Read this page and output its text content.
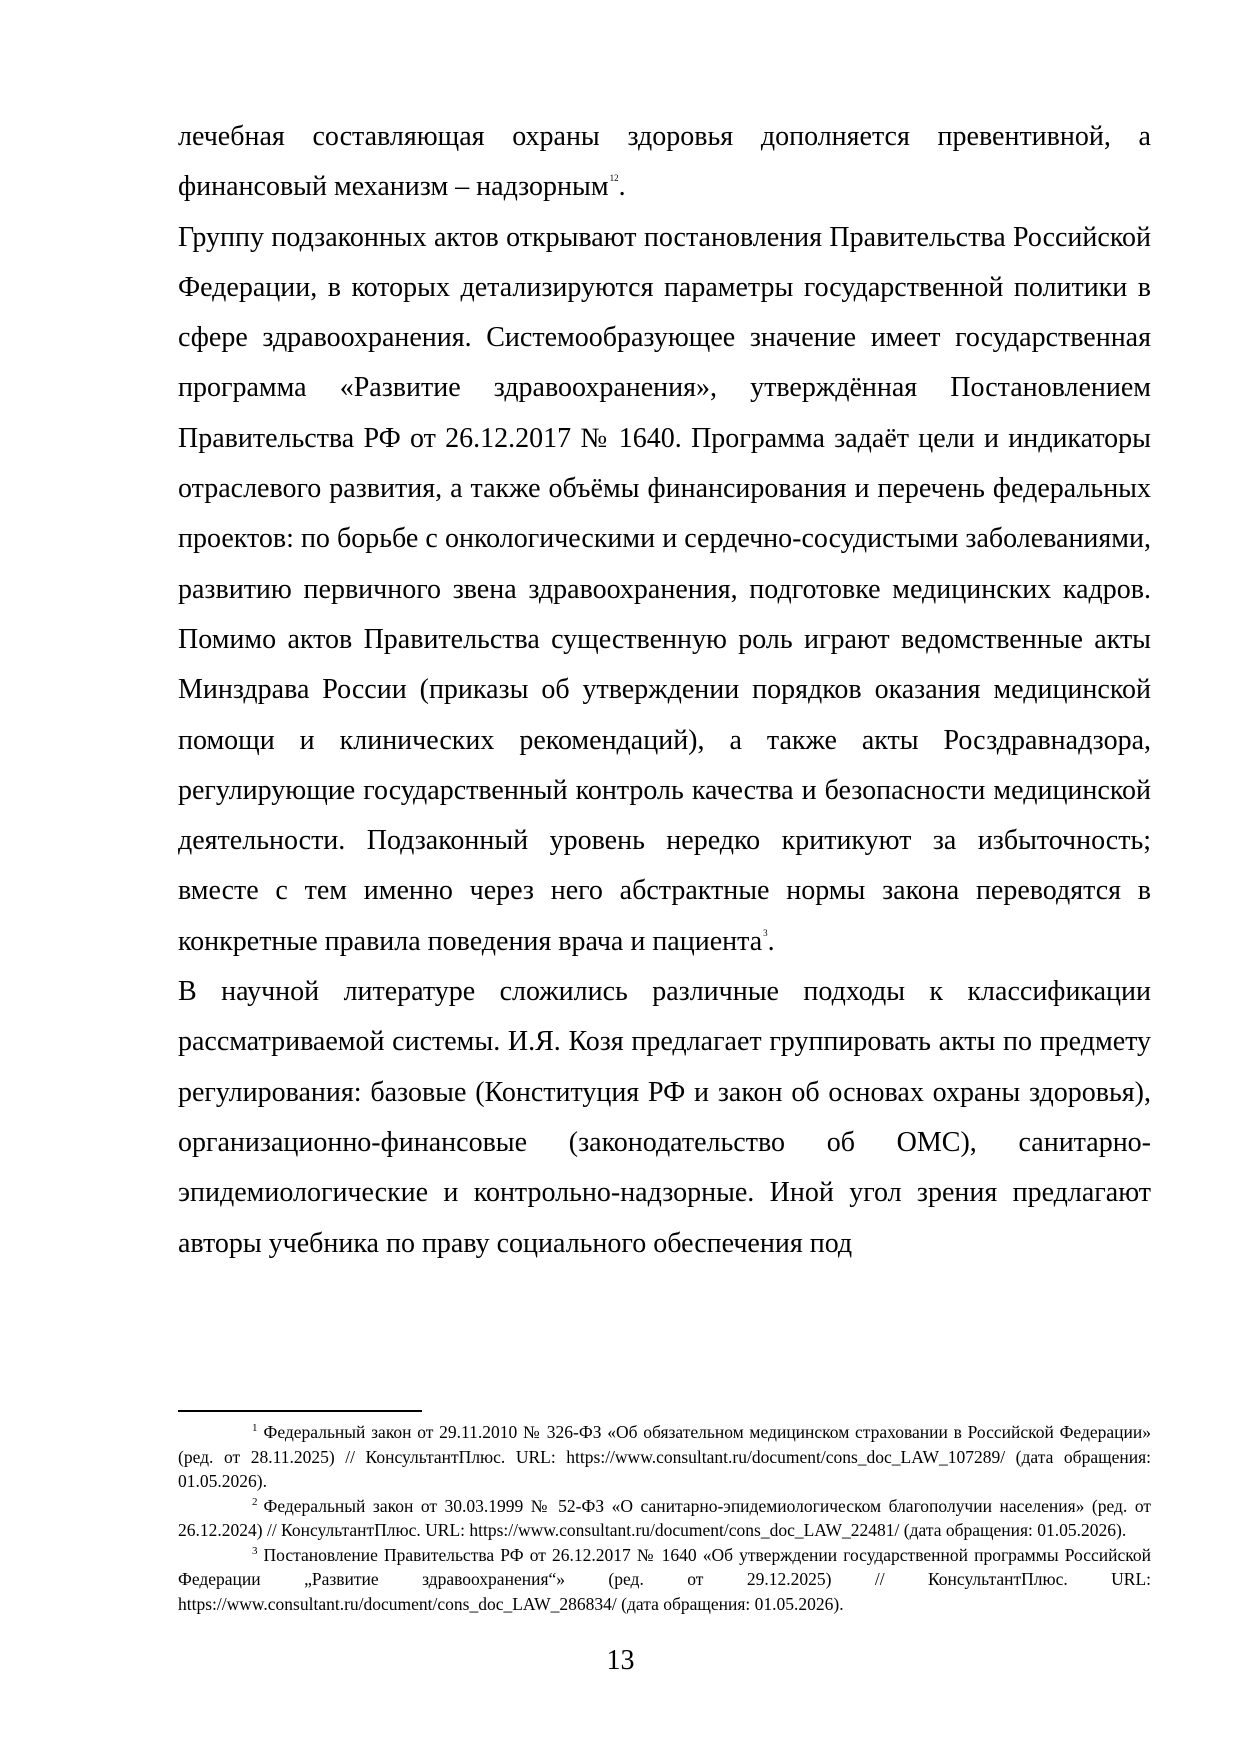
лечебная составляющая охраны здоровья дополняется превентивной, а финансовый механизм – надзорным$^{12}$.

Группу подзаконных актов открывают постановления Правительства Российской Федерации, в которых детализируются параметры государственной политики в сфере здравоохранения. Системообразующее значение имеет государственная программа «Развитие здравоохранения», утверждённая Постановлением Правительства РФ от 26.12.2017 № 1640. Программа задаёт цели и индикаторы отраслевого развития, а также объёмы финансирования и перечень федеральных проектов: по борьбе с онкологическими и сердечно-сосудистыми заболеваниями, развитию первичного звена здравоохранения, подготовке медицинских кадров. Помимо актов Правительства существенную роль играют ведомственные акты Минздрава России (приказы об утверждении порядков оказания медицинской помощи и клинических рекомендаций), а также акты Росздравнадзора, регулирующие государственный контроль качества и безопасности медицинской деятельности. Подзаконный уровень нередко критикуют за избыточность; вместе с тем именно через него абстрактные нормы закона переводятся в конкретные правила поведения врача и пациента$^3$.

В научной литературе сложились различные подходы к классификации рассматриваемой системы. И.Я. Козя предлагает группировать акты по предмету регулирования: базовые (Конституция РФ и закон об основах охраны здоровья), организационно-финансовые (законодательство об ОМС), санитарно-эпидемиологические и контрольно-надзорные. Иной угол зрения предлагают авторы учебника по праву социального обеспечения под

$^1$ Федеральный закон от 29.11.2010 № 326-ФЗ «Об обязательном медицинском страховании в Российской Федерации» (ред. от 28.11.2025) // КонсультантПлюс. URL: https://www.consultant.ru/document/cons_doc_LAW_107289/ (дата обращения: 01.05.2026).

$^2$ Федеральный закон от 30.03.1999 № 52-ФЗ «О санитарно-эпидемиологическом благополучии населения» (ред. от 26.12.2024) // КонсультантПлюс. URL: https://www.consultant.ru/document/cons_doc_LAW_22481/ (дата обращения: 01.05.2026).

$^3$ Постановление Правительства РФ от 26.12.2017 № 1640 «Об утверждении государственной программы Российской Федерации „Развитие здравоохранения“» (ред. от 29.12.2025) // КонсультантПлюс. URL: https://www.consultant.ru/document/cons_doc_LAW_286834/ (дата обращения: 01.05.2026).

13
